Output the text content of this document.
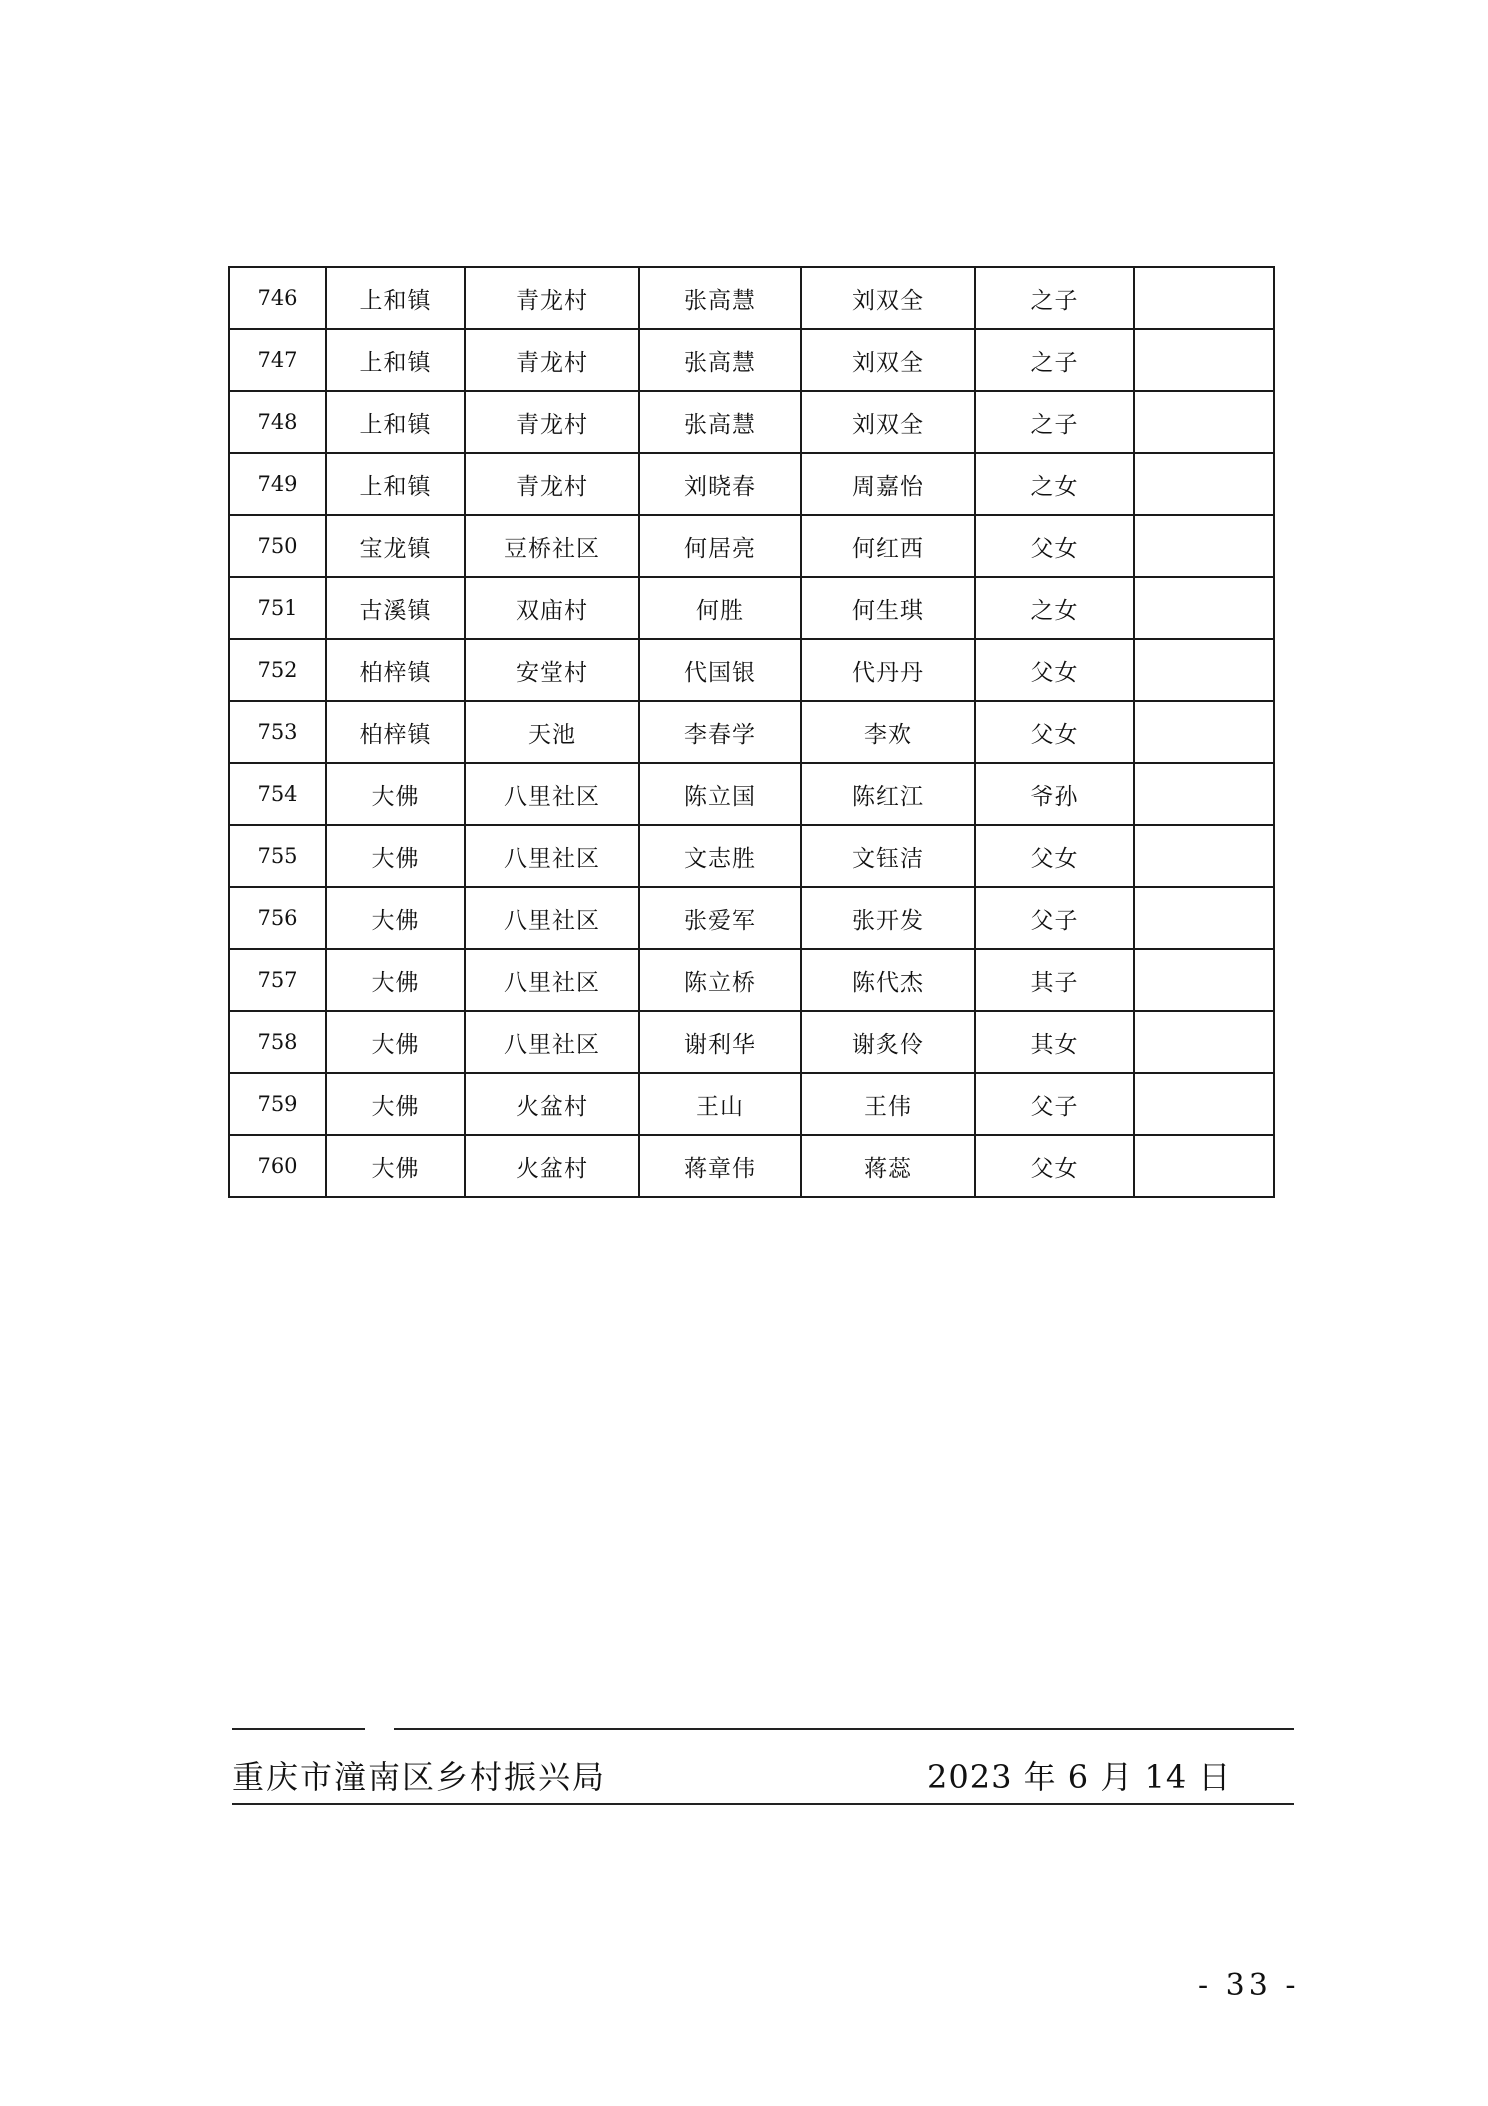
746	上和镇	青龙村	张高慧	刘双全	之子	
747	上和镇	青龙村	张高慧	刘双全	之子	
748	上和镇	青龙村	张高慧	刘双全	之子	
749	上和镇	青龙村	刘晓春	周嘉怡	之女	
750	宝龙镇	豆桥社区	何居亮	何红西	父女	
751	古溪镇	双庙村	何胜	何生琪	之女	
752	柏梓镇	安堂村	代国银	代丹丹	父女	
753	柏梓镇	天池	李春学	李欢	父女	
754	大佛	八里社区	陈立国	陈红江	爷孙	
755	大佛	八里社区	文志胜	文钰洁	父女	
756	大佛	八里社区	张爱军	张开发	父子	
757	大佛	八里社区	陈立桥	陈代杰	其子	
758	大佛	八里社区	谢利华	谢炙伶	其女	
759	大佛	火盆村	王山	王伟	父子	
760	大佛	火盆村	蒋章伟	蒋蕊	父女	
重庆市潼南区乡村振兴局	2023 年 6 月 14 日
- 33 -
